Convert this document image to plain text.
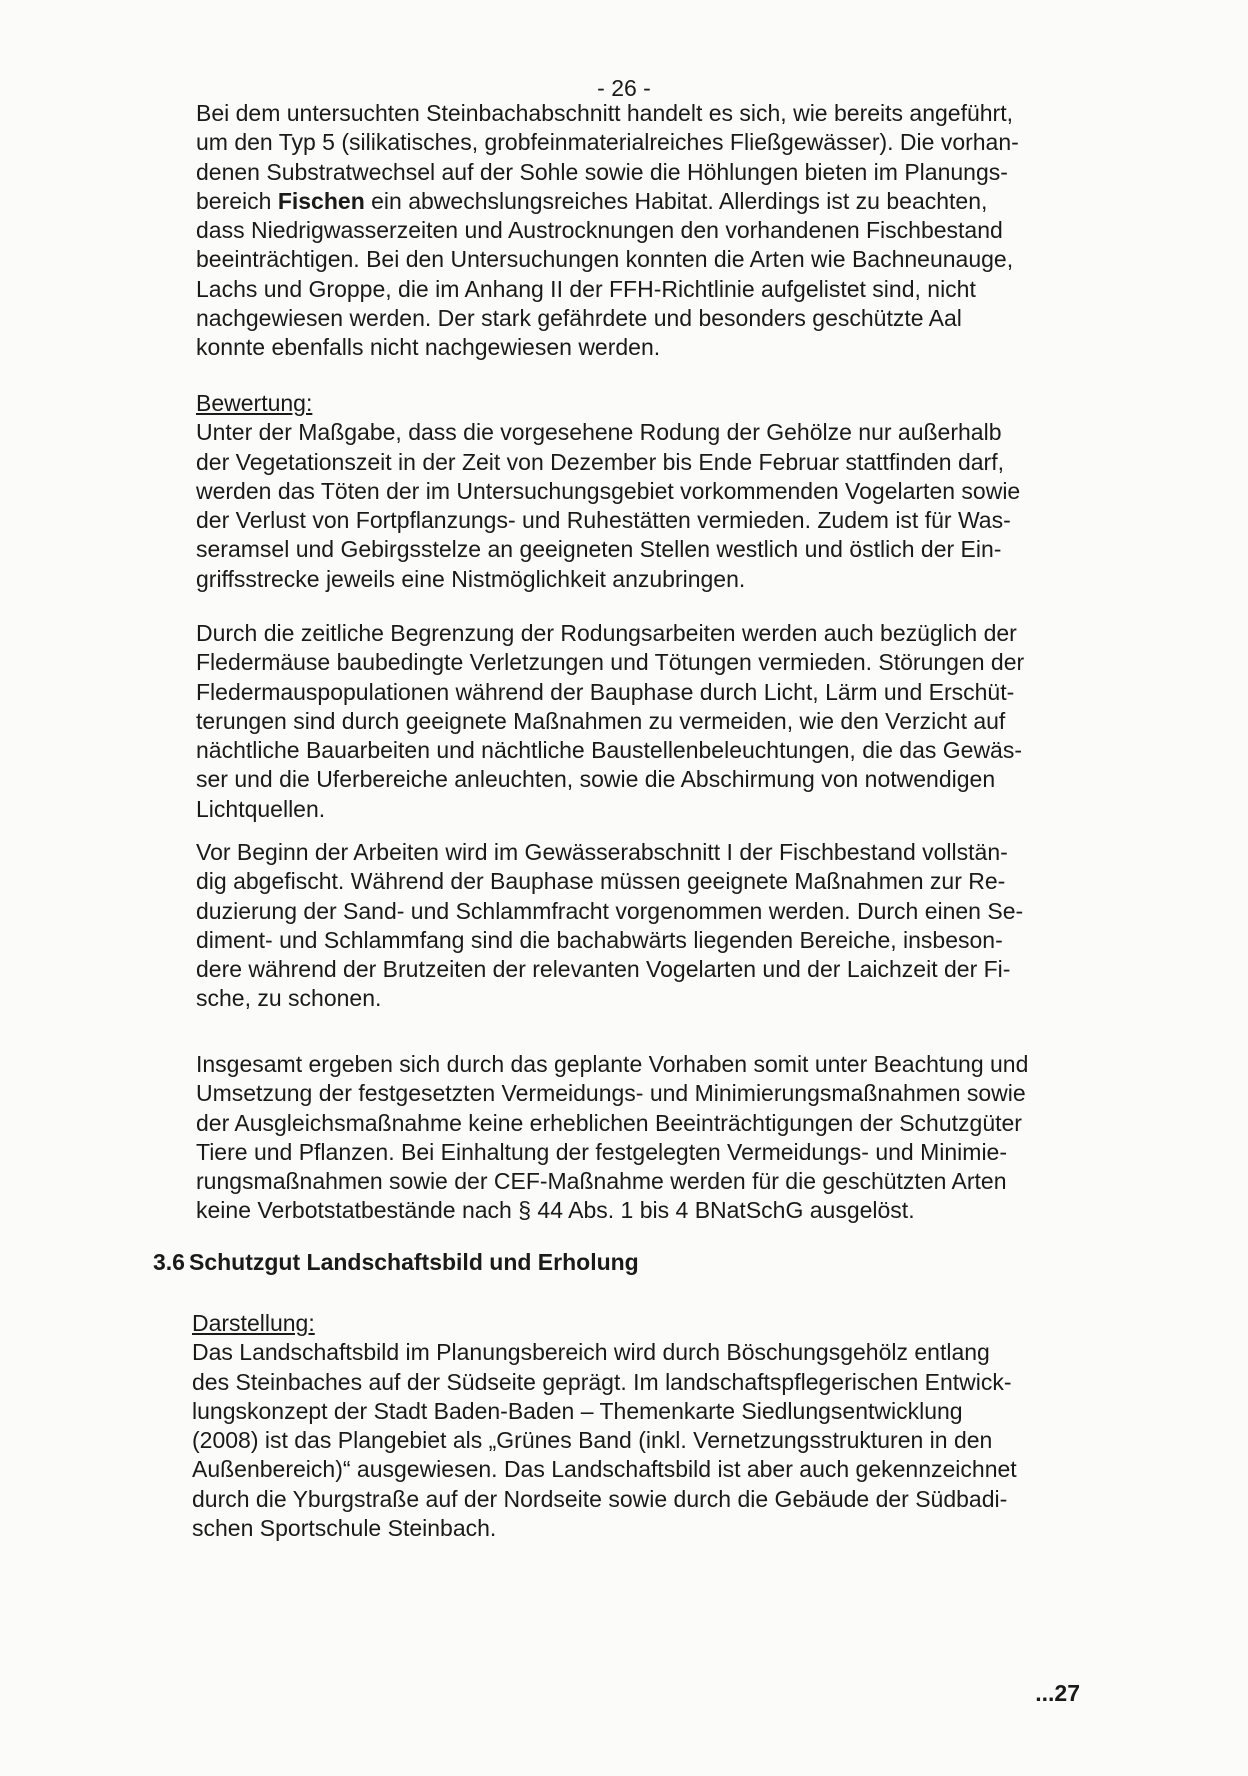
- 26 -
Bei dem untersuchten Steinbachabschnitt handelt es sich, wie bereits angeführt,
um den Typ 5 (silikatisches, grobfeinmaterialreiches Fließgewässer). Die vorhan-
denen Substratwechsel auf der Sohle sowie die Höhlungen bieten im Planungs-
bereich Fischen ein abwechslungsreiches Habitat. Allerdings ist zu beachten,
dass Niedrigwasserzeiten und Austrocknungen den vorhandenen Fischbestand
beeinträchtigen. Bei den Untersuchungen konnten die Arten wie Bachneunauge,
Lachs und Groppe, die im Anhang II der FFH-Richtlinie aufgelistet sind, nicht
nachgewiesen werden. Der stark gefährdete und besonders geschützte Aal
konnte ebenfalls nicht nachgewiesen werden.
Bewertung:
Unter der Maßgabe, dass die vorgesehene Rodung der Gehölze nur außerhalb
der Vegetationszeit in der Zeit von Dezember bis Ende Februar stattfinden darf,
werden das Töten der im Untersuchungsgebiet vorkommenden Vogelarten sowie
der Verlust von Fortpflanzungs- und Ruhestätten vermieden. Zudem ist für Was-
seramsel und Gebirgsstelze an geeigneten Stellen westlich und östlich der Ein-
griffsstrecke jeweils eine Nistmöglichkeit anzubringen.
Durch die zeitliche Begrenzung der Rodungsarbeiten werden auch bezüglich der
Fledermäuse baubedingte Verletzungen und Tötungen vermieden. Störungen der
Fledermauspopulationen während der Bauphase durch Licht, Lärm und Erschüt-
terungen sind durch geeignete Maßnahmen zu vermeiden, wie den Verzicht auf
nächtliche Bauarbeiten und nächtliche Baustellenbeleuchtungen, die das Gewäs-
ser und die Uferbereiche anleuchten, sowie die Abschirmung von notwendigen
Lichtquellen.
Vor Beginn der Arbeiten wird im Gewässerabschnitt I der Fischbestand vollstän-
dig abgefischt. Während der Bauphase müssen geeignete Maßnahmen zur Re-
duzierung der Sand- und Schlammfracht vorgenommen werden. Durch einen Se-
diment- und Schlammfang sind die bachabwärts liegenden Bereiche, insbeson-
dere während der Brutzeiten der relevanten Vogelarten und der Laichzeit der Fi-
sche, zu schonen.
Insgesamt ergeben sich durch das geplante Vorhaben somit unter Beachtung und
Umsetzung der festgesetzten Vermeidungs- und Minimierungsmaßnahmen sowie
der Ausgleichsmaßnahme keine erheblichen Beeinträchtigungen der Schutzgüter
Tiere und Pflanzen. Bei Einhaltung der festgelegten Vermeidungs- und Minimie-
rungsmaßnahmen sowie der CEF-Maßnahme werden für die geschützten Arten
keine Verbotstatbestände nach § 44 Abs. 1 bis 4 BNatSchG ausgelöst.
3.6 Schutzgut Landschaftsbild und Erholung
Darstellung:
Das Landschaftsbild im Planungsbereich wird durch Böschungsgehölz entlang
des Steinbaches auf der Südseite geprägt. Im landschaftspflegerischen Entwick-
lungskonzept der Stadt Baden-Baden – Themenkarte Siedlungsentwicklung
(2008) ist das Plangebiet als „Grünes Band (inkl. Vernetzungsstrukturen in den
Außenbereich)“ ausgewiesen. Das Landschaftsbild ist aber auch gekennzeichnet
durch die Yburgstraße auf der Nordseite sowie durch die Gebäude der Südbadi-
schen Sportschule Steinbach.
...27
